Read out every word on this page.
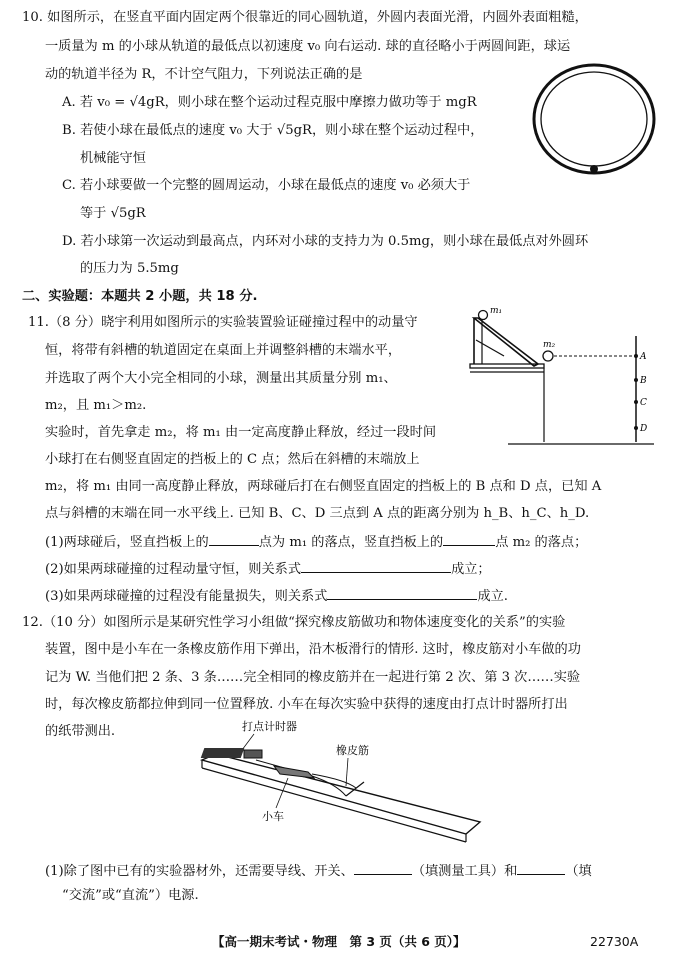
10. 如图所示，在竖直平面内固定两个很靠近的同心圆轨道，外圆内表面光滑，内圆外表面粗糙，
一质量为 m 的小球从轨道的最低点以初速度 v₀ 向右运动. 球的直径略小于两圆间距，球运
动的轨道半径为 R，不计空气阻力，下列说法正确的是
A. 若 v₀ = √4gR，则小球在整个运动过程克服中摩擦力做功等于 mgR
B. 若使小球在最低点的速度 v₀ 大于 √5gR，则小球在整个运动过程中，
机械能守恒
C. 若小球要做一个完整的圆周运动，小球在最低点的速度 v₀ 必须大于
等于 √5gR
D. 若小球第一次运动到最高点，内环对小球的支持力为 0.5mg，则小球在最低点对外圆环
的压力为 5.5mg
二、实验题：本题共 2 小题，共 18 分.
11.（8 分）晓宇利用如图所示的实验装置验证碰撞过程中的动量守
恒，将带有斜槽的轨道固定在桌面上并调整斜槽的末端水平，
并选取了两个大小完全相同的小球，测量出其质量分别 m₁、
m₂，且 m₁＞m₂.
实验时，首先拿走 m₂，将 m₁ 由一定高度静止释放，经过一段时间
小球打在右侧竖直固定的挡板上的 C 点；然后在斜槽的末端放上
m₂，将 m₁ 由同一高度静止释放，两球碰后打在右侧竖直固定的挡板上的 B 点和 D 点，已知 A
点与斜槽的末端在同一水平线上. 已知 B、C、D 三点到 A 点的距离分别为 h_B、h_C、h_D.
(1)两球碰后，竖直挡板上的	点为 m₁ 的落点，竖直挡板上的	点 m₂ 的落点；
(2)如果两球碰撞的过程动量守恒，则关系式	成立；
(3)如果两球碰撞的过程没有能量损失，则关系式	成立.
m₁
m₂
A
B
C
D
12.（10 分）如图所示是某研究性学习小组做“探究橡皮筋做功和物体速度变化的关系”的实验
装置，图中是小车在一条橡皮筋作用下弹出，沿木板滑行的情形. 这时，橡皮筋对小车做的功
记为 W. 当他们把 2 条、3 条……完全相同的橡皮筋并在一起进行第 2 次、第 3 次……实验
时，每次橡皮筋都拉伸到同一位置释放. 小车在每次实验中获得的速度由打点计时器所打出
的纸带测出.	打点计时器
橡皮筋
小车
(1)除了图中已有的实验器材外，还需要导线、开关、	（填测量工具）和	（填
“交流”或“直流”）电源.
【高一期末考试・物理　第 3 页（共 6 页）】	22730A
